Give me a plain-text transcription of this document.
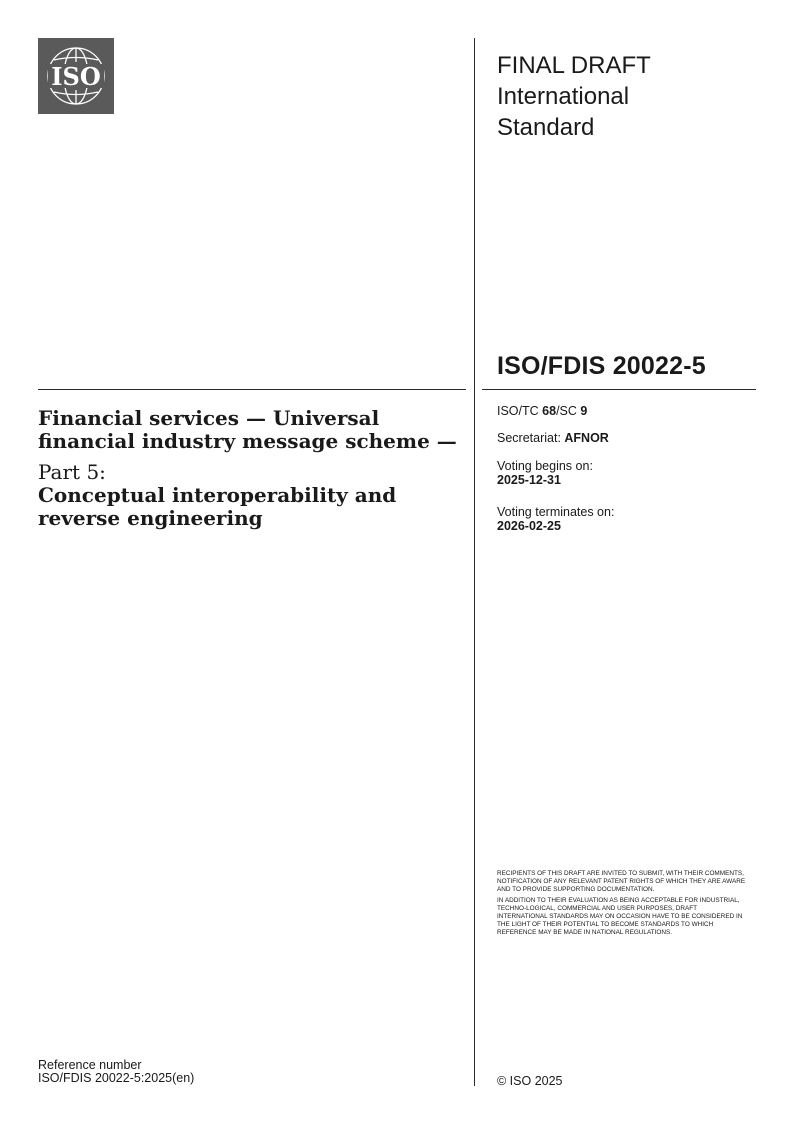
ISO	FINAL DRAFT
International
Standard
ISO/FDIS 20022-5
Financial services — Universal financial industry message scheme —
Part 5:
Conceptual interoperability and reverse engineering
ISO/TC 68/SC 9
Secretariat: AFNOR
Voting begins on:
2025-12-31
Voting terminates on:
2026-02-25

RECIPIENTS OF THIS DRAFT ARE INVITED TO SUBMIT, WITH THEIR COMMENTS, NOTIFICATION OF ANY RELEVANT PATENT RIGHTS OF WHICH THEY ARE AWARE AND TO PROVIDE SUPPORTING DOCUMENTATION.

IN ADDITION TO THEIR EVALUATION AS BEING ACCEPTABLE FOR INDUSTRIAL, TECHNO-LOGICAL, COMMERCIAL AND USER PURPOSES, DRAFT INTERNATIONAL STANDARDS MAY ON OCCASION HAVE TO BE CONSIDERED IN THE LIGHT OF THEIR POTENTIAL TO BECOME STANDARDS TO WHICH REFERENCE MAY BE MADE IN NATIONAL REGULATIONS.

Reference number
ISO/FDIS 20022-5:2025(en)	© ISO 2025
